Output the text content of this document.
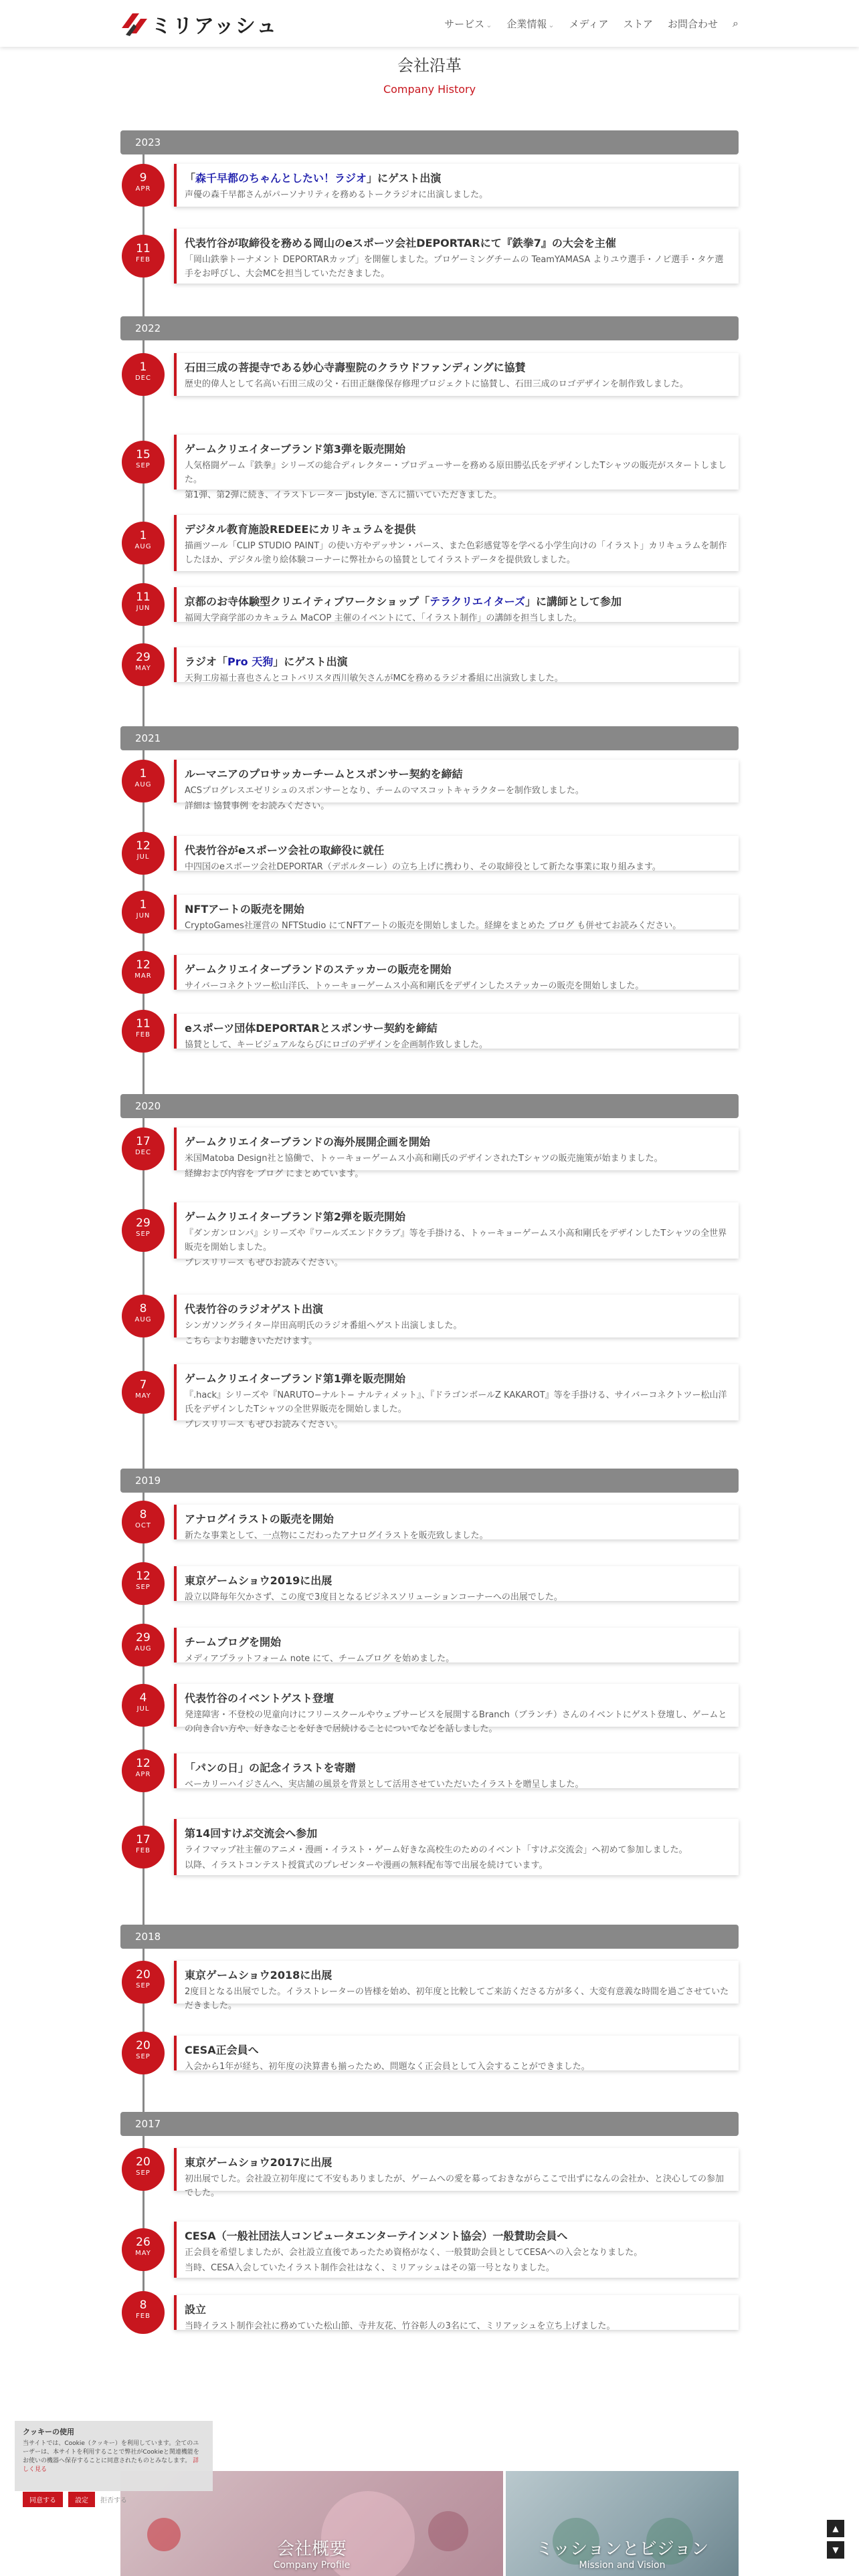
ミリアッシュ	サービス ⌄ 企業情報 ⌄ メディア ストア お問合わせ ⌕
会社沿革
Company History
2023
2022
2021
2020
2019
2018
2017
9
APR
「森千早都のちゃんとしたい！ラジオ」にゲスト出演
声優の森千早都さんがパーソナリティを務めるトークラジオに出演しました。
11
FEB
代表竹谷が取締役を務める岡山のeスポーツ会社DEPORTARにて『鉄拳7』の大会を主催
「岡山鉄拳トーナメント DEPORTARカップ」を開催しました。プロゲーミングチームの TeamYAMASA よりユウ選手・ノビ選手・タケ選手をお呼びし、大会MCを担当していただきました。
1
DEC
石田三成の菩提寺である妙心寺壽聖院のクラウドファンディングに協賛
歴史的偉人として名高い石田三成の父・石田正継像保存修理プロジェクトに協賛し、石田三成のロゴデザインを制作致しました。
15
SEP
ゲームクリエイターブランド第3弾を販売開始
人気格闘ゲーム『鉄拳』シリーズの総合ディレクター・プロデューサーを務める原田勝弘氏をデザインしたTシャツの販売がスタートしました。
第1弾、第2弾に続き、イラストレーター jbstyle. さんに描いていただきました。
1
AUG
デジタル教育施設REDEEにカリキュラムを提供
描画ツール「CLIP STUDIO PAINT」の使い方やデッサン・パース、また色彩感覚等を学べる小学生向けの「イラスト」カリキュラムを制作したほか、デジタル塗り絵体験コーナーに弊社からの協賛としてイラストデータを提供致しました。
11
JUN
京都のお寺体験型クリエイティブワークショップ「テラクリエイターズ」に講師として参加
福岡大学商学部のカキュラム MaCOP 主催のイベントにて、「イラスト制作」の講師を担当しました。
29
MAY
ラジオ「Pro 天狗」にゲスト出演
天狗工房福士喜也さんとコトバリスタ西川敏矢さんがMCを務めるラジオ番組に出演致しました。
1
AUG
ルーマニアのプロサッカーチームとスポンサー契約を締結
ACSプログレスエゼリシュのスポンサーとなり、チームのマスコットキャラクターを制作致しました。
詳細は 協賛事例 をお読みください。
12
JUL
代表竹谷がeスポーツ会社の取締役に就任
中四国のeスポーツ会社DEPORTAR（デポルターレ）の立ち上げに携わり、その取締役として新たな事業に取り組みます。
1
JUN
NFTアートの販売を開始
CryptoGames社運営の NFTStudio にてNFTアートの販売を開始しました。経緯をまとめた ブログ も併せてお読みください。
12
MAR
ゲームクリエイターブランドのステッカーの販売を開始
サイバーコネクトツー松山洋氏、トゥーキョーゲームス小高和剛氏をデザインしたステッカーの販売を開始しました。
11
FEB
eスポーツ団体DEPORTARとスポンサー契約を締結
協賛として、キービジュアルならびにロゴのデザインを企画制作致しました。
17
DEC
ゲームクリエイターブランドの海外展開企画を開始
米国Matoba Design社と協働で、トゥーキョーゲームス小高和剛氏のデザインされたTシャツの販売施策が始まりました。
経緯および内容を ブログ にまとめています。
29
SEP
ゲームクリエイターブランド第2弾を販売開始
『ダンガンロンパ』シリーズや『ワールズエンドクラブ』等を手掛ける、トゥーキョーゲームス小高和剛氏をデザインしたTシャツの全世界販売を開始しました。
プレスリリース もぜひお読みください。
8
AUG
代表竹谷のラジオゲスト出演
シンガソングライター岸田高明氏のラジオ番組へゲスト出演しました。
こちら よりお聴きいただけます。
7
MAY
ゲームクリエイターブランド第1弾を販売開始
『.hack』シリーズや『NARUTO−ナルト− ナルティメット』、『ドラゴンボールZ KAKAROT』等を手掛ける、サイバーコネクトツー松山洋氏をデザインしたTシャツの全世界販売を開始しました。
プレスリリース もぜひお読みください。
8
OCT
アナログイラストの販売を開始
新たな事業として、一点物にこだわったアナログイラストを販売致しました。
12
SEP
東京ゲームショウ2019に出展
設立以降毎年欠かさず、この度で3度目となるビジネスソリューションコーナーへの出展でした。
29
AUG
チームブログを開始
メディアプラットフォーム note にて、チームブログ を始めました。
4
JUL
代表竹谷のイベントゲスト登壇
発達障害・不登校の児童向けにフリースクールやウェブサービスを展開するBranch（ブランチ）さんのイベントにゲスト登壇し、ゲームとの向き合い方や、好きなことを好きで居続けることについてなどを話しました。
12
APR
「パンの日」の記念イラストを寄贈
ベーカリーハイジさんへ、実店舗の風景を背景として活用させていただいたイラストを贈呈しました。
17
FEB
第14回すけぷ交流会へ参加
ライフマップ社主催のアニメ・漫画・イラスト・ゲーム好きな高校生のためのイベント「すけぷ交流会」へ初めて参加しました。
以降、イラストコンテスト授賞式のプレゼンターや漫画の無料配布等で出展を続けています。
20
SEP
東京ゲームショウ2018に出展
2度目となる出展でした。イラストレーターの皆様を始め、初年度と比較してご来訪くださる方が多く、大変有意義な時間を過ごさせていただきました。
20
SEP
CESA正会員へ
入会から1年が経ち、初年度の決算書も揃ったため、問題なく正会員として入会することができました。
20
SEP
東京ゲームショウ2017に出展
初出展でした。会社設立初年度にて不安もありましたが、ゲームへの愛を募っておきながらここで出ずになんの会社か、と決心しての参加でした。
26
MAY
CESA（一般社団法人コンピュータエンターテインメント協会）一般賛助会員へ
正会員を希望しましたが、会社設立直後であったため資格がなく、一般賛助会員としてCESAへの入会となりました。
当時、CESA入会していたイラスト制作会社はなく、ミリアッシュはその第一号となりました。
8
FEB
設立
当時イラスト制作会社に務めていた松山節、寺井友花、竹谷彰人の3名にて、ミリアッシュを立ち上げました。
会社概要
Company Profile
ミッションとビジョン
Mission and Vision
クッキーの使用
当サイトでは、Cookie（クッキー）を利用しています。全てのユーザーは、本サイトを利用することで弊社がCookieと関連機能をお使いの機器へ保存することに同意されたものとみなします。 詳しく見る
同意する	設定	拒否する
▲
▼
